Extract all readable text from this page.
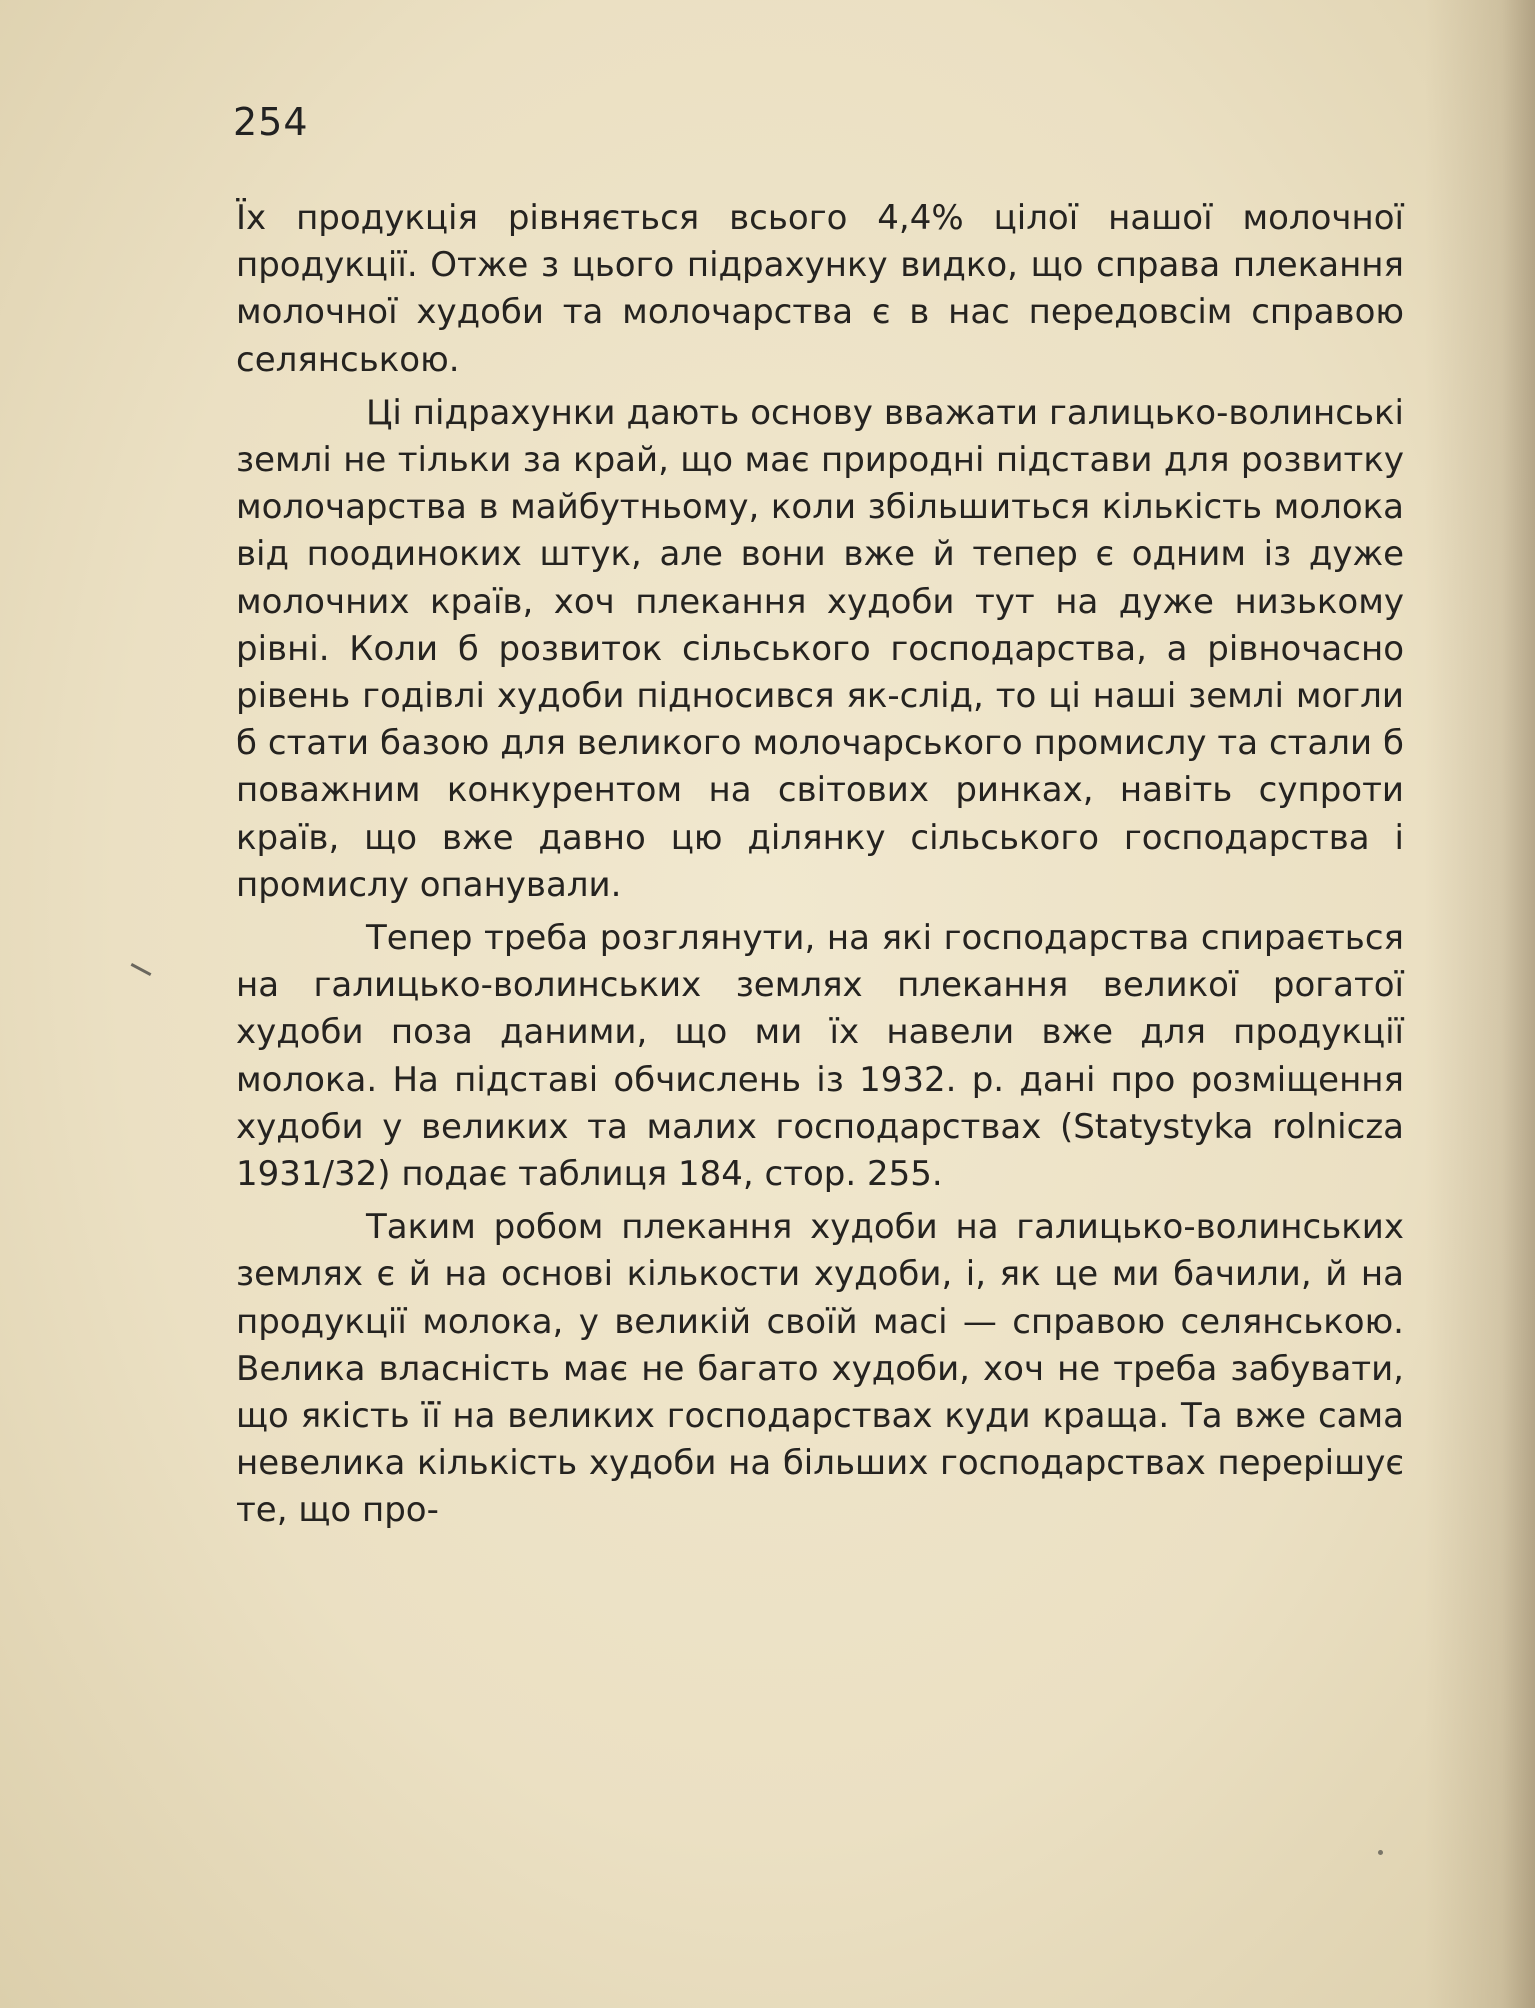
254

Їх продукція рівняється всього 4,4% цілої нашої молочної продукції. Отже з цього підрахунку видко, що справа плекання молочної худоби та молочарства є в нас передовсім справою селянською.

Ці підрахунки дають основу вважати галицько-волинські землі не тільки за край, що має природні підстави для розвитку молочарства в майбутньому, коли збільшиться кількість молока від поодиноких штук, але вони вже й тепер є одним із дуже молочних країв, хоч плекання худоби тут на дуже низькому рівні. Коли б розвиток сільського господарства, а рівночасно рівень годівлі худоби підносився як-слід, то ці наші землі могли б стати базою для великого молочарського промислу та стали б поважним конкурентом на світових ринках, навіть супроти країв, що вже давно цю ділянку сільського господарства і промислу опанували.

Тепер треба розглянути, на які господарства спирається на галицько-волинських землях плекання великої рогатої худоби поза даними, що ми їх навели вже для продукції молока. На підставі обчислень із 1932. р. дані про розміщення худоби у великих та малих господарствах (Statystyka rolnicza 1931/32) подає таблиця 184, стор. 255.

Таким робом плекання худоби на галицько-волинських землях є й на основі кількости худоби, і, як це ми бачили, й на продукції молока, у великій своїй масі — справою селянською. Велика власність має не багато худоби, хоч не треба забувати, що якість її на великих господарствах куди краща. Та вже сама невелика кількість худоби на більших господарствах перерішує те, що про-
